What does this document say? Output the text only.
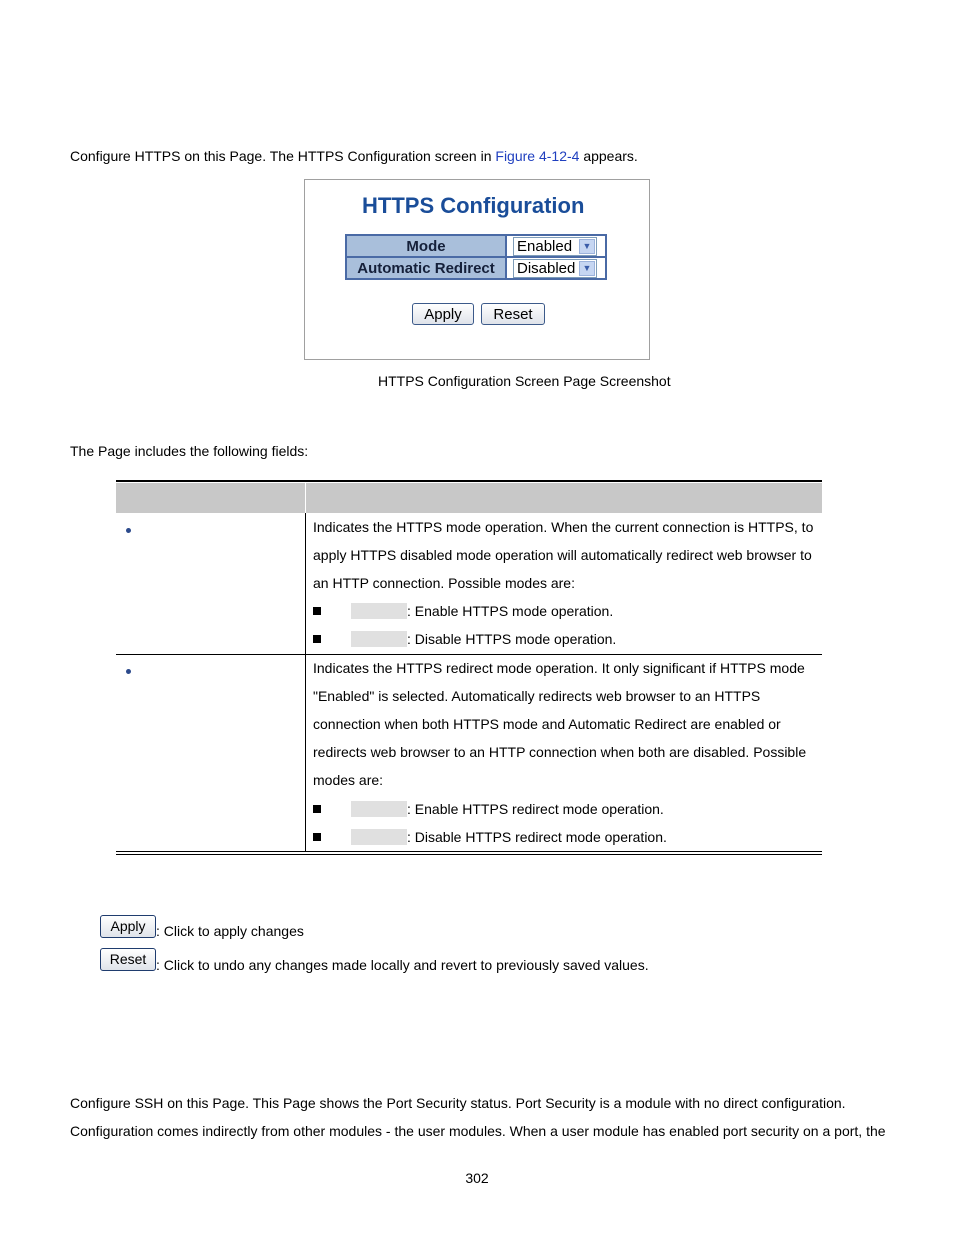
Configure HTTPS on this Page. The HTTPS Configuration screen in Figure 4-12-4 appears.
HTTPS Configuration
Mode	Enabled ▼

Automatic Redirect	Disabled ▼
Apply	Reset
HTTPS Configuration Screen Page Screenshot
The Page includes the following fields:
Indicates the HTTPS mode operation. When the current connection is HTTPS, to apply HTTPS disabled mode operation will automatically redirect web browser to an HTTP connection. Possible modes are:
: Enable HTTPS mode operation.
: Disable HTTPS mode operation.
Indicates the HTTPS redirect mode operation. It only significant if HTTPS mode "Enabled" is selected. Automatically redirects web browser to an HTTPS connection when both HTTPS mode and Automatic Redirect are enabled or redirects web browser to an HTTP connection when both are disabled. Possible modes are:
: Enable HTTPS redirect mode operation.
: Disable HTTPS redirect mode operation.
Apply : Click to apply changes
Reset : Click to undo any changes made locally and revert to previously saved values.
Configure SSH on this Page. This Page shows the Port Security status. Port Security is a module with no direct configuration. Configuration comes indirectly from other modules - the user modules. When a user module has enabled port security on a port, the
302
